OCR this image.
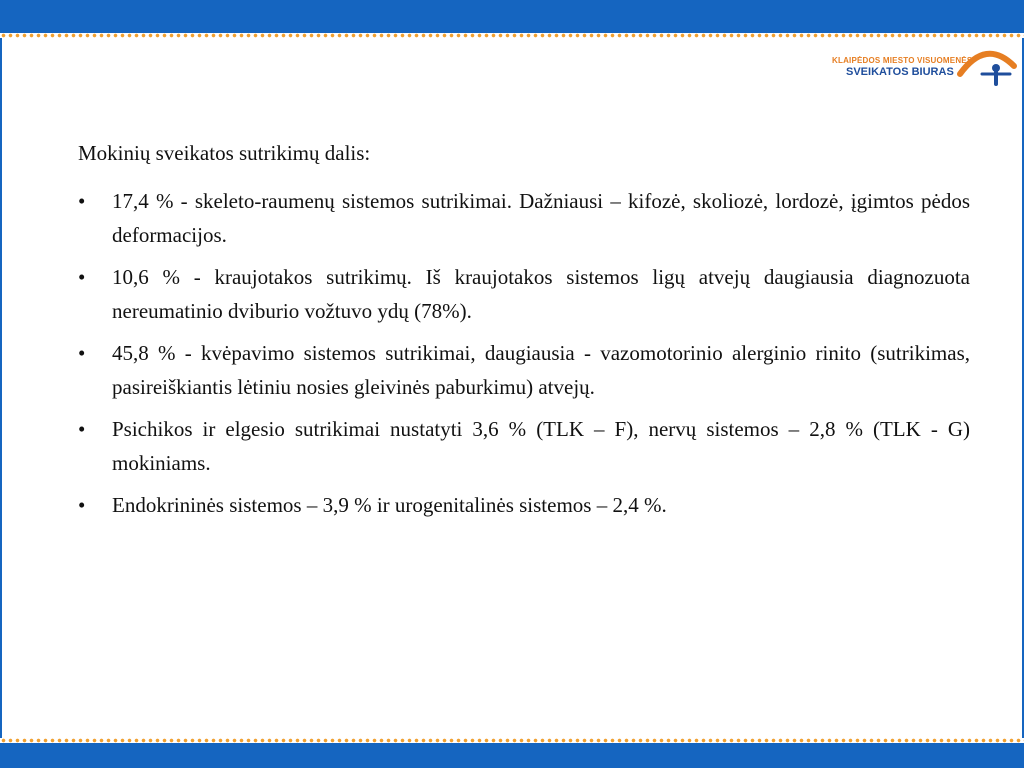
KLAIPĖDOS MIESTO VISUOMENĖS
SVEIKATOS BIURAS

Mokinių sveikatos sutrikimų dalis:

• 17,4 % - skeleto-raumenų sistemos sutrikimai. Dažniausi – kifozė, skoliozė, lordozė, įgimtos pėdos deformacijos.
• 10,6 % - kraujotakos sutrikimų. Iš kraujotakos sistemos ligų atvejų daugiausia diagnozuota nereumatinio dviburio vožtuvo ydų (78%).
• 45,8 % - kvėpavimo sistemos sutrikimai, daugiausia - vazomotorinio alerginio rinito (sutrikimas, pasireiškiantis lėtiniu nosies gleivinės paburkimu) atvejų.
• Psichikos ir elgesio sutrikimai nustatyti 3,6 % (TLK – F), nervų sistemos – 2,8 % (TLK - G) mokiniams.
• Endokrininės sistemos – 3,9 % ir urogenitalinės sistemos – 2,4 %.
